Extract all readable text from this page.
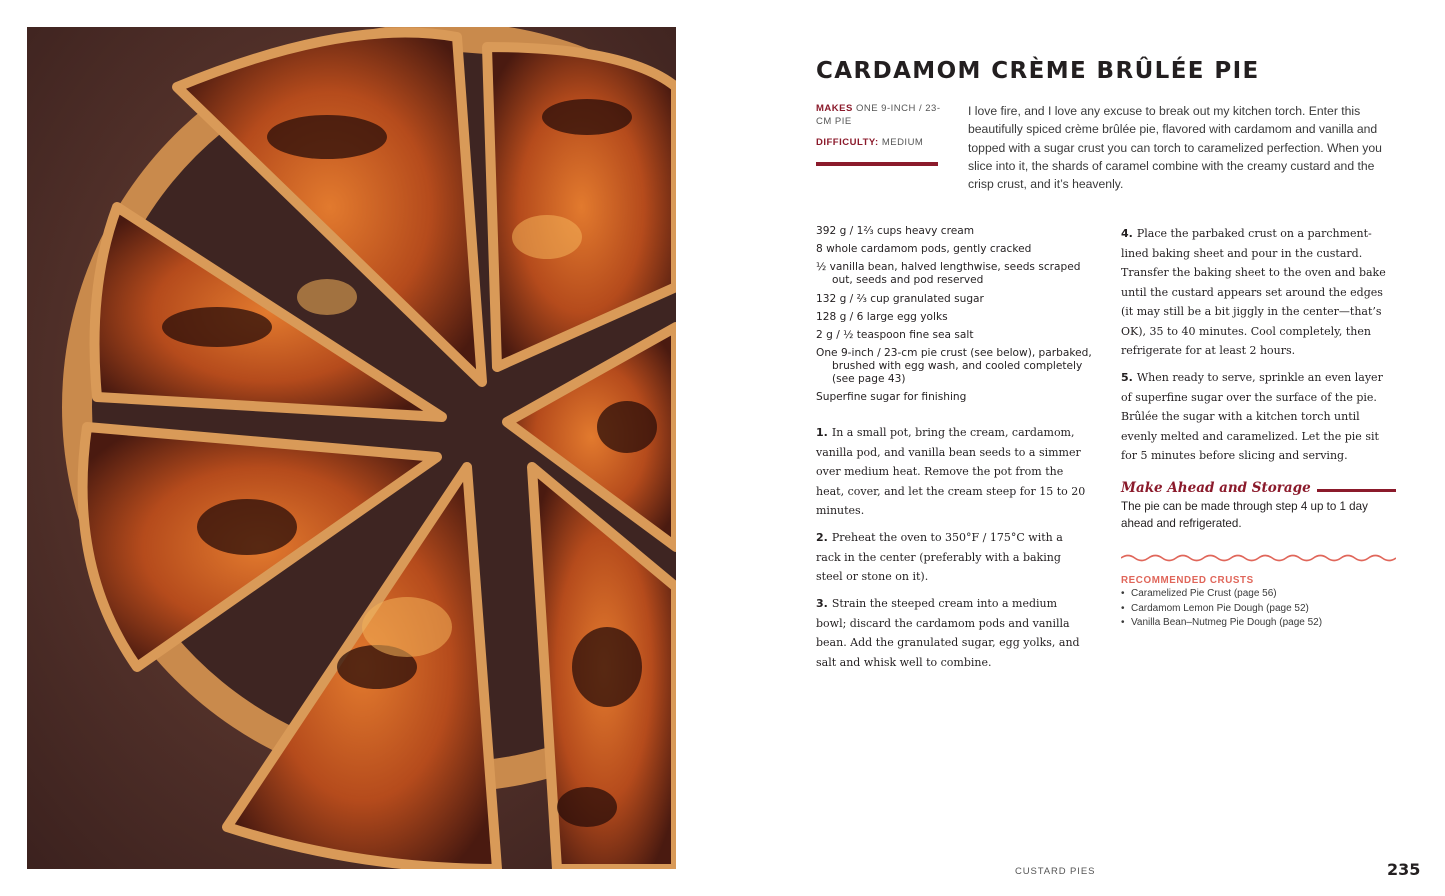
CARDAMOM CRÈME BRÛLÉE PIE
MAKES ONE 9-INCH / 23-CM PIE
DIFFICULTY: MEDIUM

I love fire, and I love any excuse to break out my kitchen torch. Enter this beautifully spiced crème brûlée pie, flavored with cardamom and vanilla and topped with a sugar crust you can torch to caramelized perfection. When you slice into it, the shards of caramel combine with the creamy custard and the crisp crust, and it’s heavenly.

392 g / 1⅔ cups heavy cream
8 whole cardamom pods, gently cracked
½ vanilla bean, halved lengthwise, seeds scraped out, seeds and pod reserved
132 g / ⅔ cup granulated sugar
128 g / 6 large egg yolks
2 g / ½ teaspoon fine sea salt
One 9-inch / 23-cm pie crust (see below), parbaked, brushed with egg wash, and cooled completely (see page 43)
Superfine sugar for finishing

1. In a small pot, bring the cream, cardamom, vanilla pod, and vanilla bean seeds to a simmer over medium heat. Remove the pot from the heat, cover, and let the cream steep for 15 to 20 minutes.

2. Preheat the oven to 350°F / 175°C with a rack in the center (preferably with a baking steel or stone on it).

3. Strain the steeped cream into a medium bowl; discard the cardamom pods and vanilla bean. Add the granulated sugar, egg yolks, and salt and whisk well to combine.

4. Place the parbaked crust on a parchment-lined baking sheet and pour in the custard. Transfer the baking sheet to the oven and bake until the custard appears set around the edges (it may still be a bit jiggly in the center—that’s OK), 35 to 40 minutes. Cool completely, then refrigerate for at least 2 hours.

5. When ready to serve, sprinkle an even layer of superfine sugar over the surface of the pie. Brûlée the sugar with a kitchen torch until evenly melted and caramelized. Let the pie sit for 5 minutes before slicing and serving.

Make Ahead and Storage

The pie can be made through step 4 up to 1 day ahead and refrigerated.

RECOMMENDED CRUSTS
• Caramelized Pie Crust (page 56)
• Cardamom Lemon Pie Dough (page 52)
• Vanilla Bean–Nutmeg Pie Dough (page 52)
CUSTARD PIES	235
